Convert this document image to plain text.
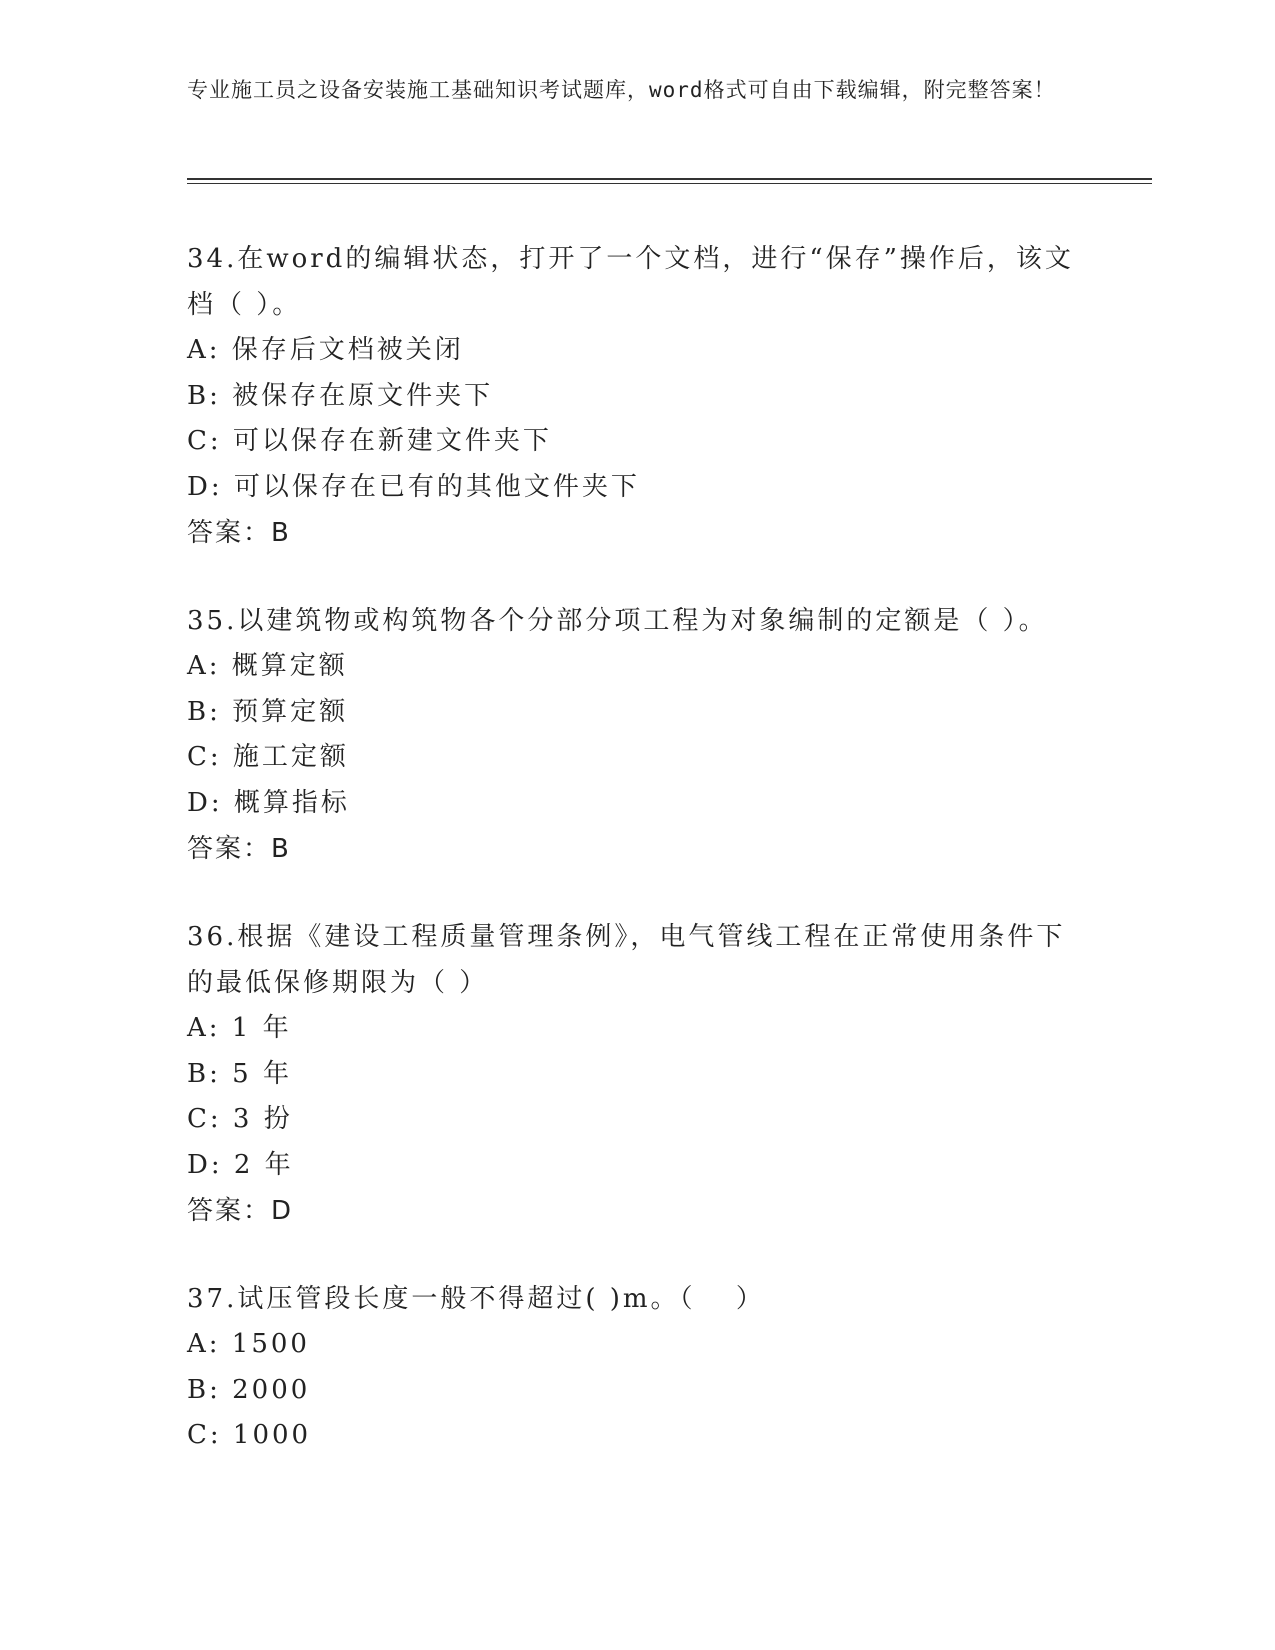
专业施工员之设备安装施工基础知识考试题库，word格式可自由下载编辑，附完整答案！

34.在word的编辑状态，打开了一个文档，进行“保存”操作后，该文档（ ）。

A: 保存后文档被关闭

B: 被保存在原文件夹下

C: 可以保存在新建文件夹下

D: 可以保存在已有的其他文件夹下

答案：B

35.以建筑物或构筑物各个分部分项工程为对象编制的定额是（ ）。

A: 概算定额

B: 预算定额

C: 施工定额

D: 概算指标

答案：B

36.根据《建设工程质量管理条例》，电气管线工程在正常使用条件下的最低保修期限为（ ）

A: 1 年

B: 5 年

C: 3 扮

D: 2 年

答案：D

37.试压管段长度一般不得超过( )m。（　 ）

A: 1500

B: 2000

C: 1000
